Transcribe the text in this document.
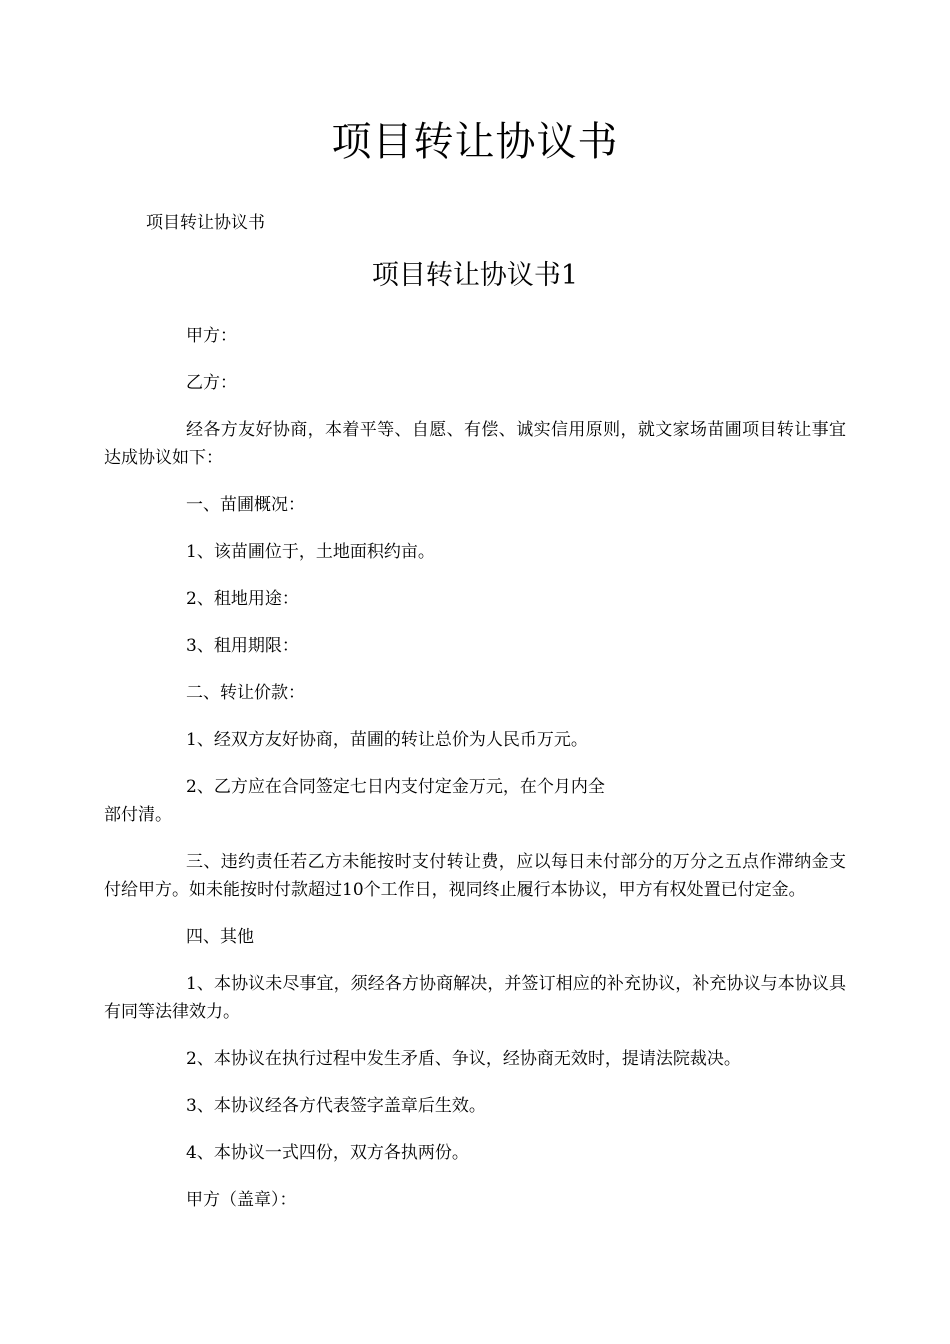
项目转让协议书
项目转让协议书
项目转让协议书1

甲方：

乙方：

经各方友好协商，本着平等、自愿、有偿、诚实信用原则，就文家场苗圃项目转让事宜达成协议如下：

一、苗圃概况：

1、该苗圃位于，土地面积约亩。

2、租地用途：

3、租用期限：

二、转让价款：

1、经双方友好协商，苗圃的转让总价为人民币万元。

2、乙方应在合同签定七日内支付定金万元，在个月内全

部付清。

三、违约责任若乙方未能按时支付转让费，应以每日未付部分的万分之五点作滞纳金支付给甲方。如未能按时付款超过10个工作日，视同终止履行本协议，甲方有权处置已付定金。

四、其他

1、本协议未尽事宜，须经各方协商解决，并签订相应的补充协议，补充协议与本协议具有同等法律效力。

2、本协议在执行过程中发生矛盾、争议，经协商无效时，提请法院裁决。

3、本协议经各方代表签字盖章后生效。

4、本协议一式四份，双方各执两份。

甲方（盖章）：
